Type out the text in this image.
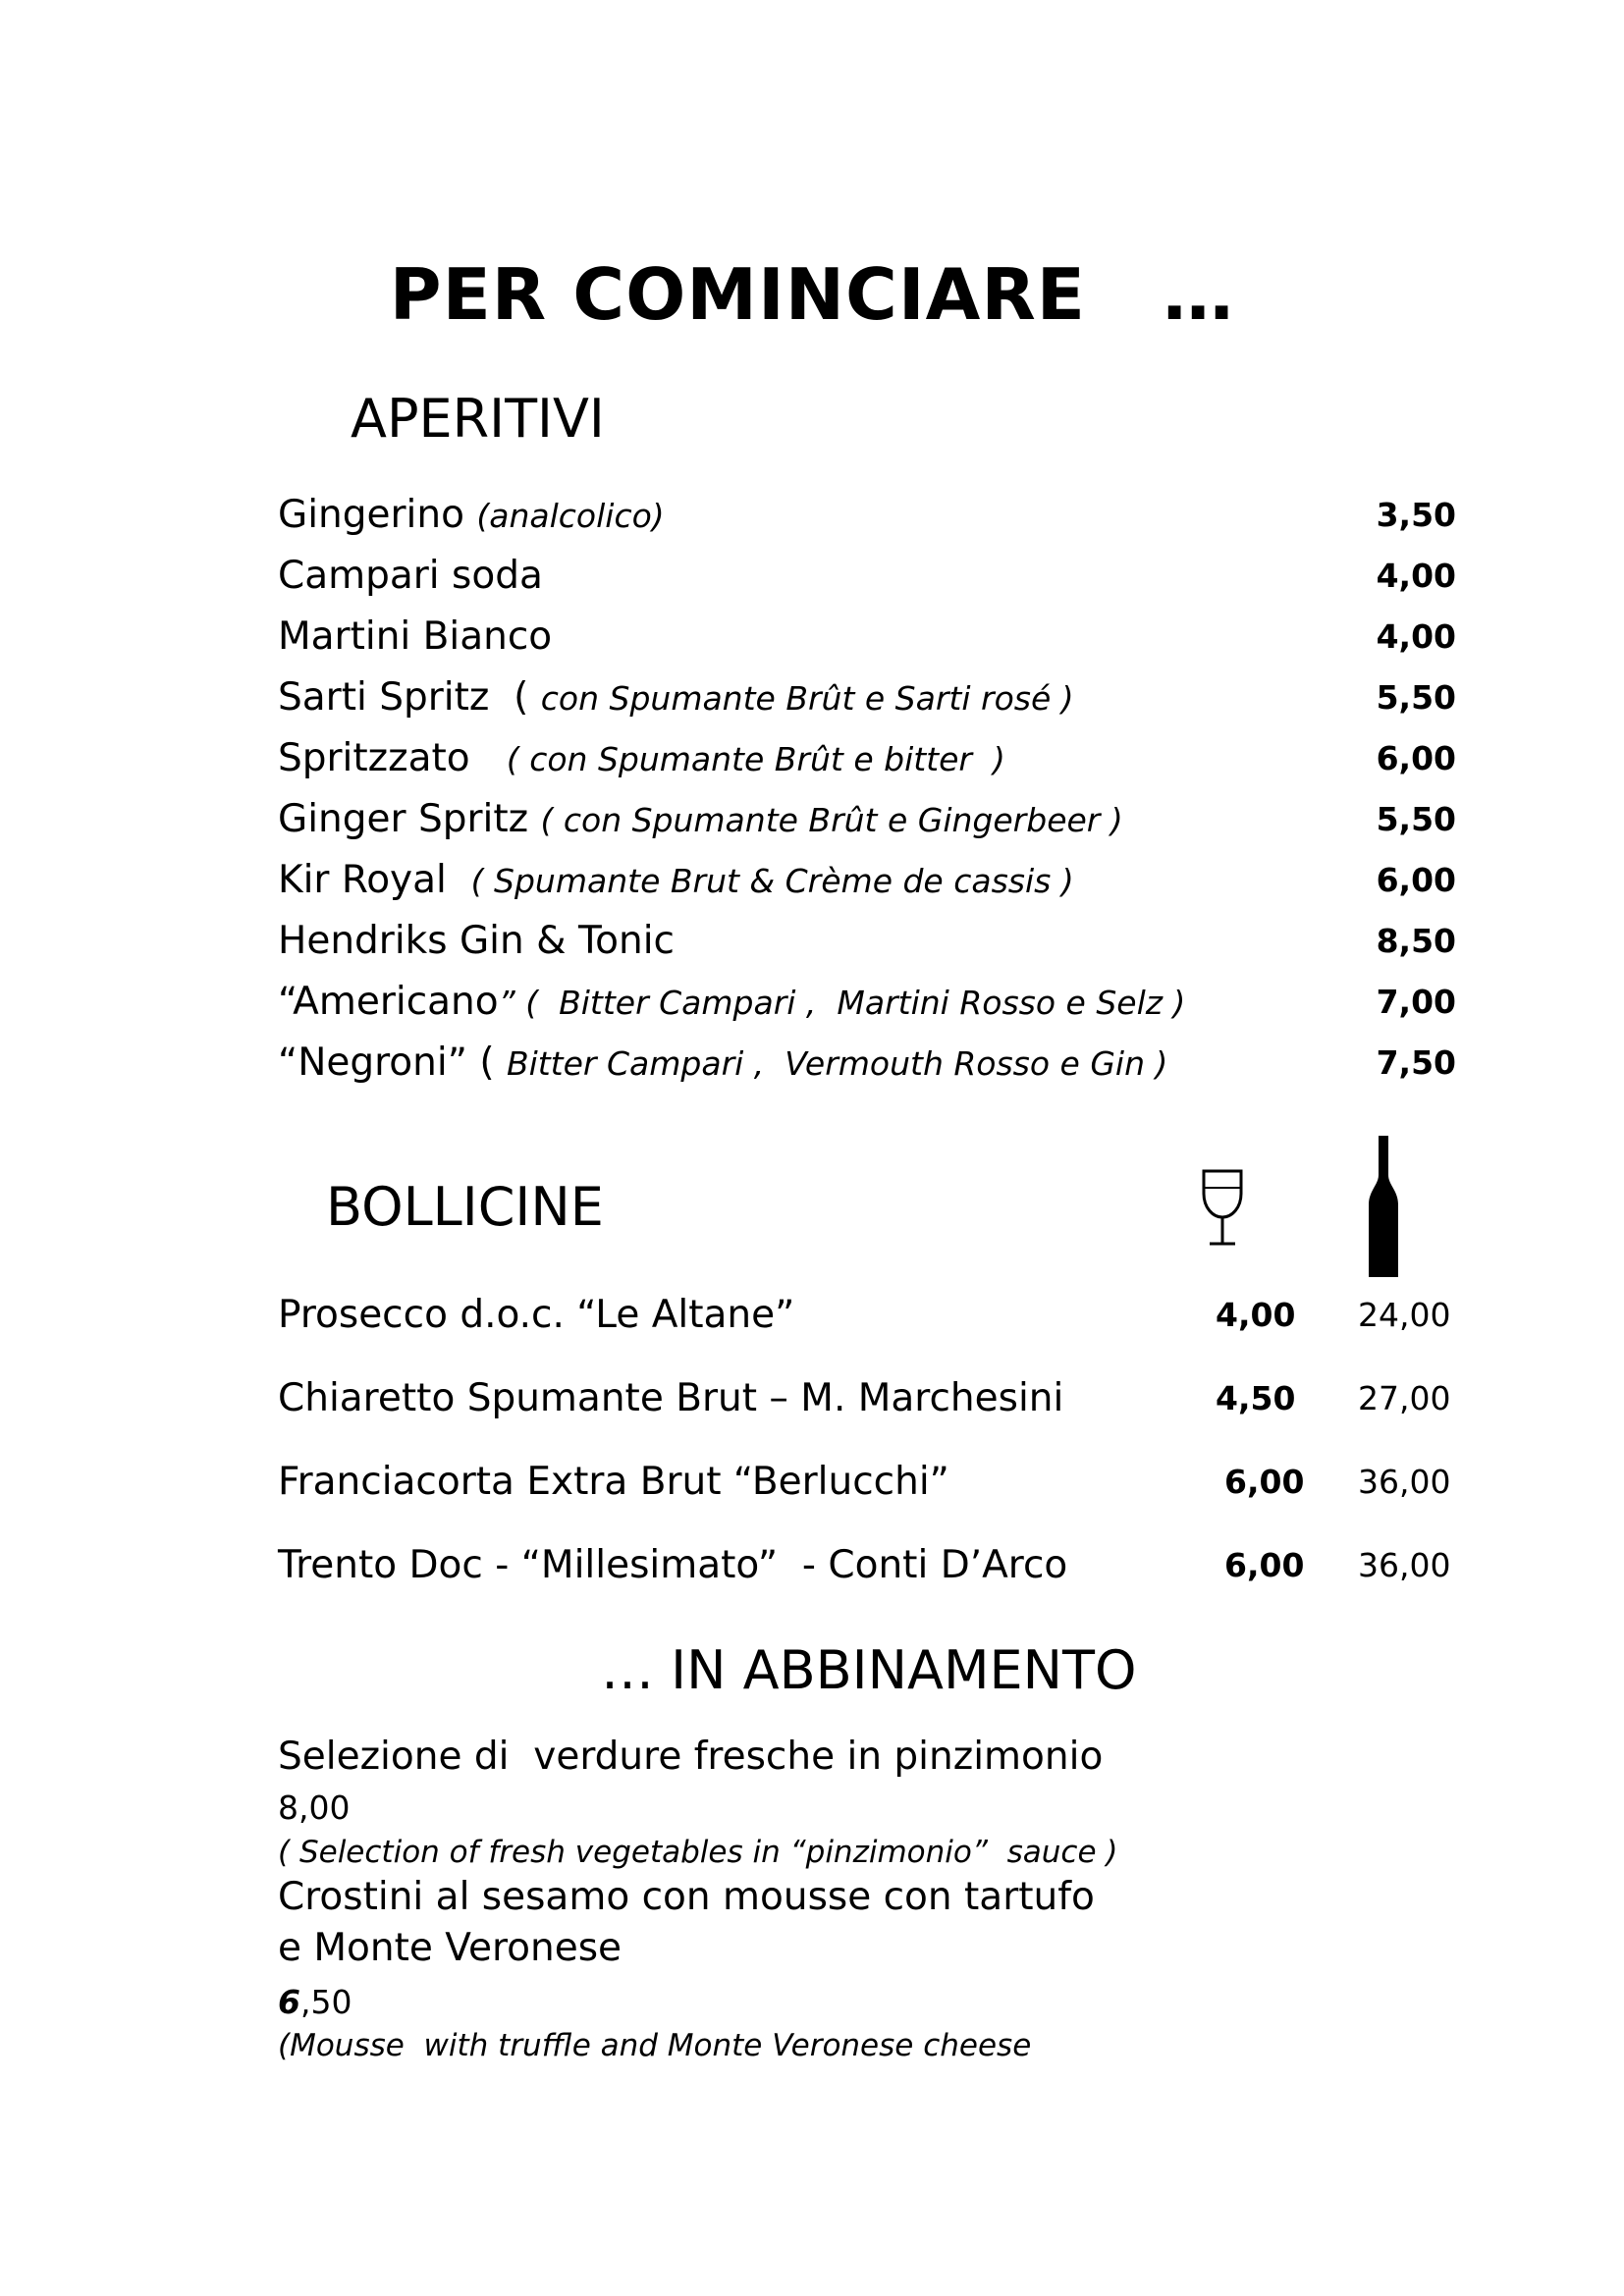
PER COMINCIARE   …
APERITIVI
Gingerino (analcolico)	3,50
Campari soda	4,00
Martini Bianco	4,00
Sarti Spritz  ( con Spumante Brût e Sarti rosé )	5,50
Spritzzato   ( con Spumante Brût e bitter  )	6,00
Ginger Spritz ( con Spumante Brût e Gingerbeer )	5,50
Kir Royal  ( Spumante Brut & Crème de cassis )	6,00
Hendriks Gin & Tonic	8,50
“Americano” (  Bitter Campari ,  Martini Rosso e Selz )	7,00
“Negroni” ( Bitter Campari ,  Vermouth Rosso e Gin )	7,50
BOLLICINE
Prosecco d.o.c. “Le Altane”	4,00 24,00
Chiaretto Spumante Brut – M. Marchesini	4,50 27,00
Franciacorta Extra Brut “Berlucchi”	6,00 36,00
Trento Doc - “Millesimato”  - Conti D’Arco	6,00 36,00
… IN ABBINAMENTO
Selezione di  verdure fresche in pinzimonio
8,00
( Selection of fresh vegetables in “pinzimonio”  sauce )
Crostini al sesamo con mousse con tartufo
e Monte Veronese
6,50
(Mousse  with truffle and Monte Veronese cheese
